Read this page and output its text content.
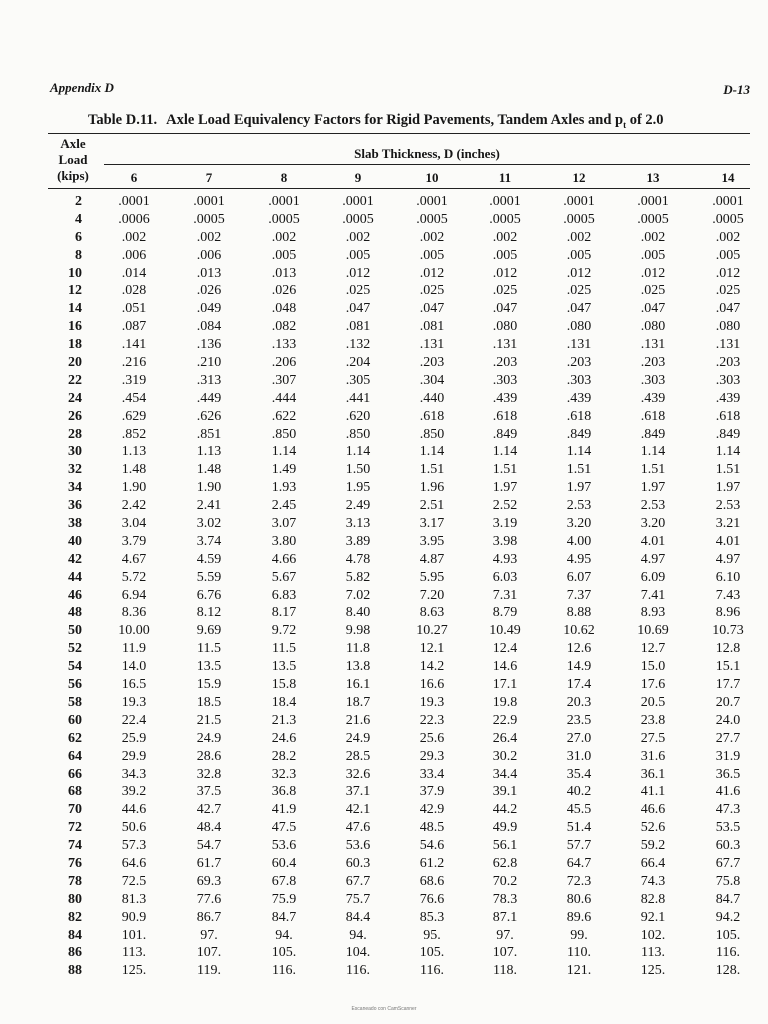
Appendix D	D-13
Table D.11. Axle Load Equivalency Factors for Rigid Pavements, Tandem Axles and $p_t$ of 2.0
Axle
Load
(kips)
Slab Thickness, D (inches)
6	7	8	9	10	11	12	13	14
2	.0001	.0001	.0001	.0001	.0001	.0001	.0001	.0001	.0001
4	.0006	.0005	.0005	.0005	.0005	.0005	.0005	.0005	.0005
6	.002	.002	.002	.002	.002	.002	.002	.002	.002
8	.006	.006	.005	.005	.005	.005	.005	.005	.005
10	.014	.013	.013	.012	.012	.012	.012	.012	.012
12	.028	.026	.026	.025	.025	.025	.025	.025	.025
14	.051	.049	.048	.047	.047	.047	.047	.047	.047
16	.087	.084	.082	.081	.081	.080	.080	.080	.080
18	.141	.136	.133	.132	.131	.131	.131	.131	.131
20	.216	.210	.206	.204	.203	.203	.203	.203	.203
22	.319	.313	.307	.305	.304	.303	.303	.303	.303
24	.454	.449	.444	.441	.440	.439	.439	.439	.439
26	.629	.626	.622	.620	.618	.618	.618	.618	.618
28	.852	.851	.850	.850	.850	.849	.849	.849	.849
30	1.13	1.13	1.14	1.14	1.14	1.14	1.14	1.14	1.14
32	1.48	1.48	1.49	1.50	1.51	1.51	1.51	1.51	1.51
34	1.90	1.90	1.93	1.95	1.96	1.97	1.97	1.97	1.97
36	2.42	2.41	2.45	2.49	2.51	2.52	2.53	2.53	2.53
38	3.04	3.02	3.07	3.13	3.17	3.19	3.20	3.20	3.21
40	3.79	3.74	3.80	3.89	3.95	3.98	4.00	4.01	4.01
42	4.67	4.59	4.66	4.78	4.87	4.93	4.95	4.97	4.97
44	5.72	5.59	5.67	5.82	5.95	6.03	6.07	6.09	6.10
46	6.94	6.76	6.83	7.02	7.20	7.31	7.37	7.41	7.43
48	8.36	8.12	8.17	8.40	8.63	8.79	8.88	8.93	8.96
50	10.00	9.69	9.72	9.98	10.27	10.49	10.62	10.69	10.73
52	11.9	11.5	11.5	11.8	12.1	12.4	12.6	12.7	12.8
54	14.0	13.5	13.5	13.8	14.2	14.6	14.9	15.0	15.1
56	16.5	15.9	15.8	16.1	16.6	17.1	17.4	17.6	17.7
58	19.3	18.5	18.4	18.7	19.3	19.8	20.3	20.5	20.7
60	22.4	21.5	21.3	21.6	22.3	22.9	23.5	23.8	24.0
62	25.9	24.9	24.6	24.9	25.6	26.4	27.0	27.5	27.7
64	29.9	28.6	28.2	28.5	29.3	30.2	31.0	31.6	31.9
66	34.3	32.8	32.3	32.6	33.4	34.4	35.4	36.1	36.5
68	39.2	37.5	36.8	37.1	37.9	39.1	40.2	41.1	41.6
70	44.6	42.7	41.9	42.1	42.9	44.2	45.5	46.6	47.3
72	50.6	48.4	47.5	47.6	48.5	49.9	51.4	52.6	53.5
74	57.3	54.7	53.6	53.6	54.6	56.1	57.7	59.2	60.3
76	64.6	61.7	60.4	60.3	61.2	62.8	64.7	66.4	67.7
78	72.5	69.3	67.8	67.7	68.6	70.2	72.3	74.3	75.8
80	81.3	77.6	75.9	75.7	76.6	78.3	80.6	82.8	84.7
82	90.9	86.7	84.7	84.4	85.3	87.1	89.6	92.1	94.2
84	101.	97.	94.	94.	95.	97.	99.	102.	105.
86	113.	107.	105.	104.	105.	107.	110.	113.	116.
88	125.	119.	116.	116.	116.	118.	121.	125.	128.
Escaneado con CamScanner
